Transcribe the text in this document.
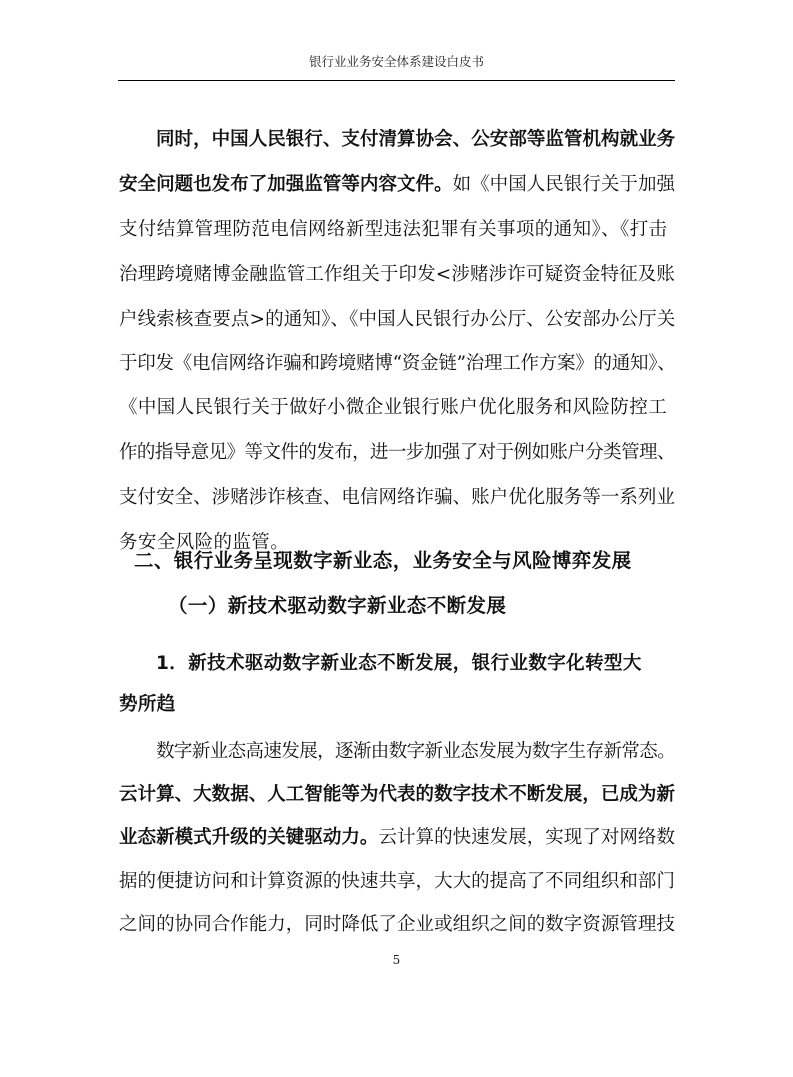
银行业业务安全体系建设白皮书
同时，中国人民银行、支付清算协会、公安部等监管机构就业务
安全问题也发布了加强监管等内容文件。如《中国人民银行关于加强
支付结算管理防范电信网络新型违法犯罪有关事项的通知》、《打击
治理跨境赌博金融监管工作组关于印发<涉赌涉诈可疑资金特征及账
户线索核查要点>的通知》、《中国人民银行办公厅、公安部办公厅关
于印发《电信网络诈骗和跨境赌博“资金链”治理工作方案》的通知》、
《中国人民银行关于做好小微企业银行账户优化服务和风险防控工
作的指导意见》等文件的发布，进一步加强了对于例如账户分类管理、
支付安全、涉赌涉诈核查、电信网络诈骗、账户优化服务等一系列业
务安全风险的监管。
二、银行业务呈现数字新业态，业务安全与风险博弈发展
（一）新技术驱动数字新业态不断发展
1．新技术驱动数字新业态不断发展，银行业数字化转型大
势所趋
数字新业态高速发展，逐渐由数字新业态发展为数字生存新常态。
云计算、大数据、人工智能等为代表的数字技术不断发展，已成为新
业态新模式升级的关键驱动力。云计算的快速发展，实现了对网络数
据的便捷访问和计算资源的快速共享，大大的提高了不同组织和部门
之间的协同合作能力，同时降低了企业或组织之间的数字资源管理技
5
